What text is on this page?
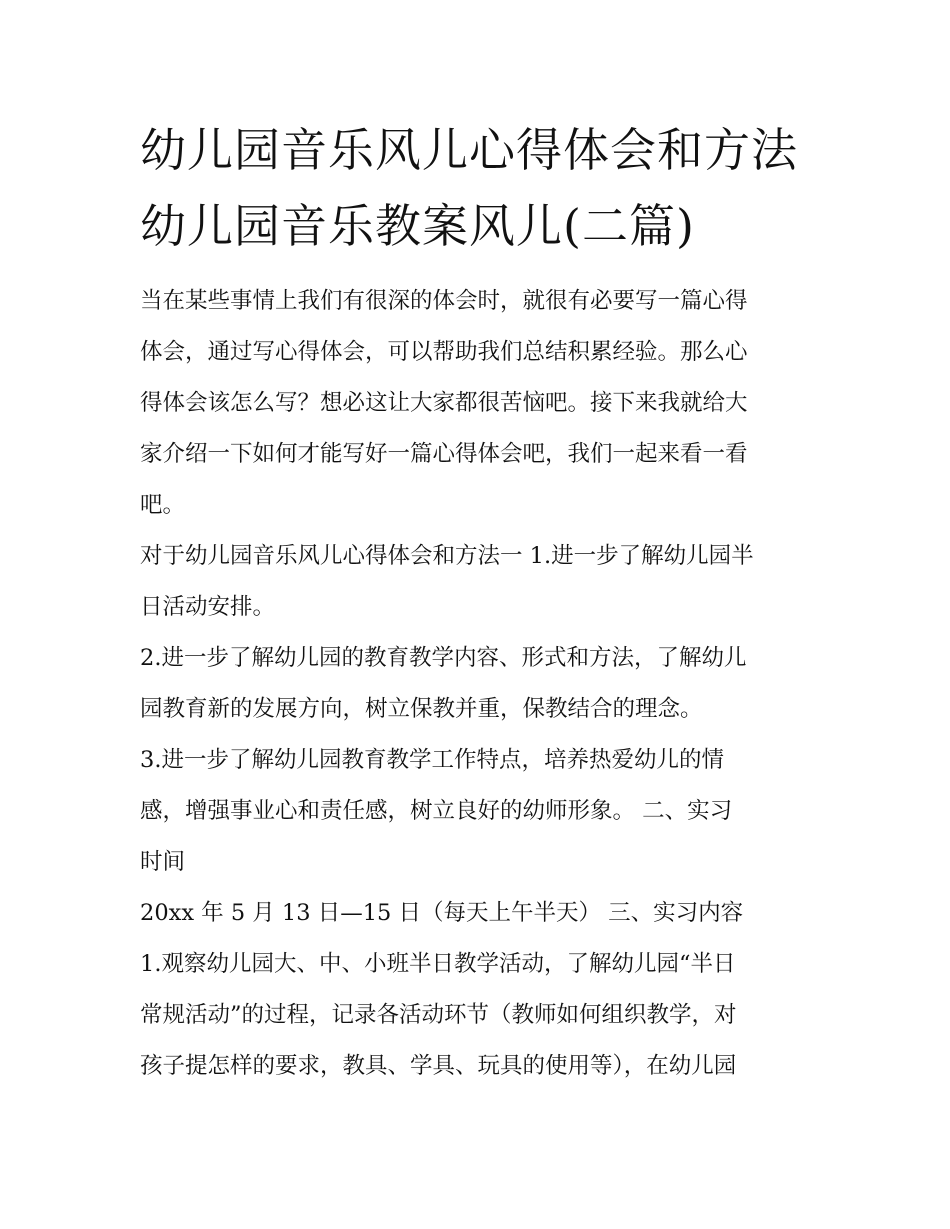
幼儿园音乐风儿心得体会和方法 幼儿园音乐教案风儿(二篇)

当在某些事情上我们有很深的体会时，就很有必要写一篇心得

体会，通过写心得体会，可以帮助我们总结积累经验。那么心

得体会该怎么写？想必这让大家都很苦恼吧。接下来我就给大

家介绍一下如何才能写好一篇心得体会吧，我们一起来看一看

吧。

对于幼儿园音乐风儿心得体会和方法一 1.进一步了解幼儿园半

日活动安排。

2.进一步了解幼儿园的教育教学内容、形式和方法，了解幼儿

园教育新的发展方向，树立保教并重，保教结合的理念。

3.进一步了解幼儿园教育教学工作特点，培养热爱幼儿的情

感，增强事业心和责任感，树立良好的幼师形象。 二、实习

时间

20xx 年 5 月 13 日—15 日（每天上午半天） 三、实习内容

1.观察幼儿园大、中、小班半日教学活动，了解幼儿园“半日

常规活动”的过程，记录各活动环节（教师如何组织教学，对

孩子提怎样的要求，教具、学具、玩具的使用等），在幼儿园
